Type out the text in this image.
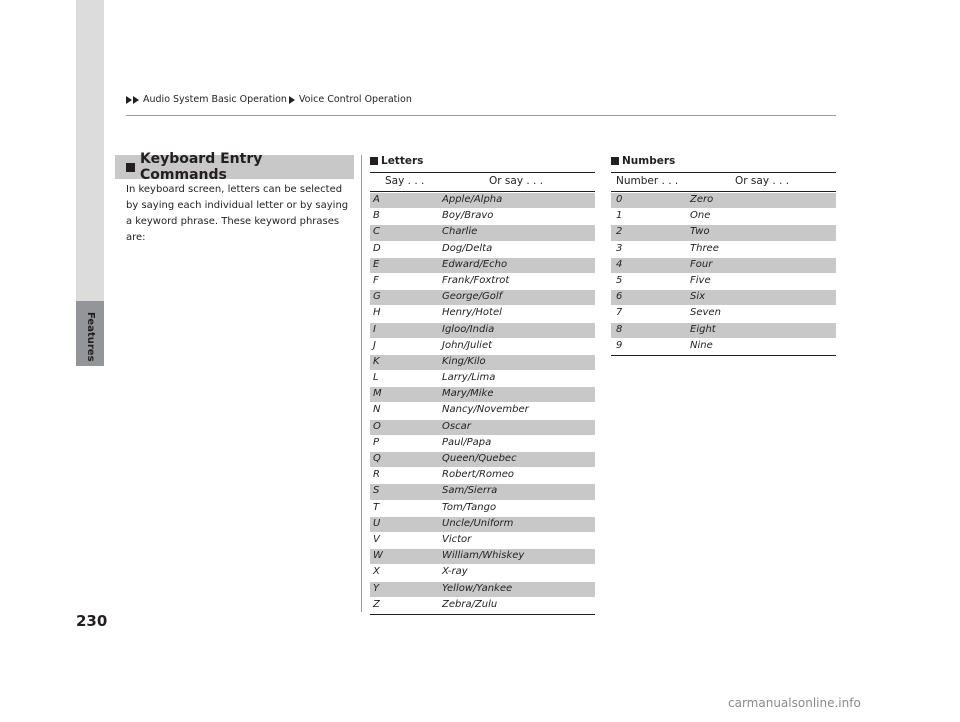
Features
Audio System Basic Operation Voice Control Operation
Keyboard Entry Commands
In keyboard screen, letters can be selected by saying each individual letter or by saying a keyword phrase. These keyword phrases are:
Letters
Say . . .	Or say . . .
A	Apple/Alpha
B	Boy/Bravo
C	Charlie
D	Dog/Delta
E	Edward/Echo
F	Frank/Foxtrot
G	George/Golf
H	Henry/Hotel
I	Igloo/India
J	John/Juliet
K	King/Kilo
L	Larry/Lima
M	Mary/Mike
N	Nancy/November
O	Oscar
P	Paul/Papa
Q	Queen/Quebec
R	Robert/Romeo
S	Sam/Sierra
T	Tom/Tango
U	Uncle/Uniform
V	Victor
W	William/Whiskey
X	X-ray
Y	Yellow/Yankee
Z	Zebra/Zulu
Numbers
Number . . .	Or say . . .
0	Zero
1	One
2	Two
3	Three
4	Four
5	Five
6	Six
7	Seven
8	Eight
9	Nine
230
carmanualsonline.info
